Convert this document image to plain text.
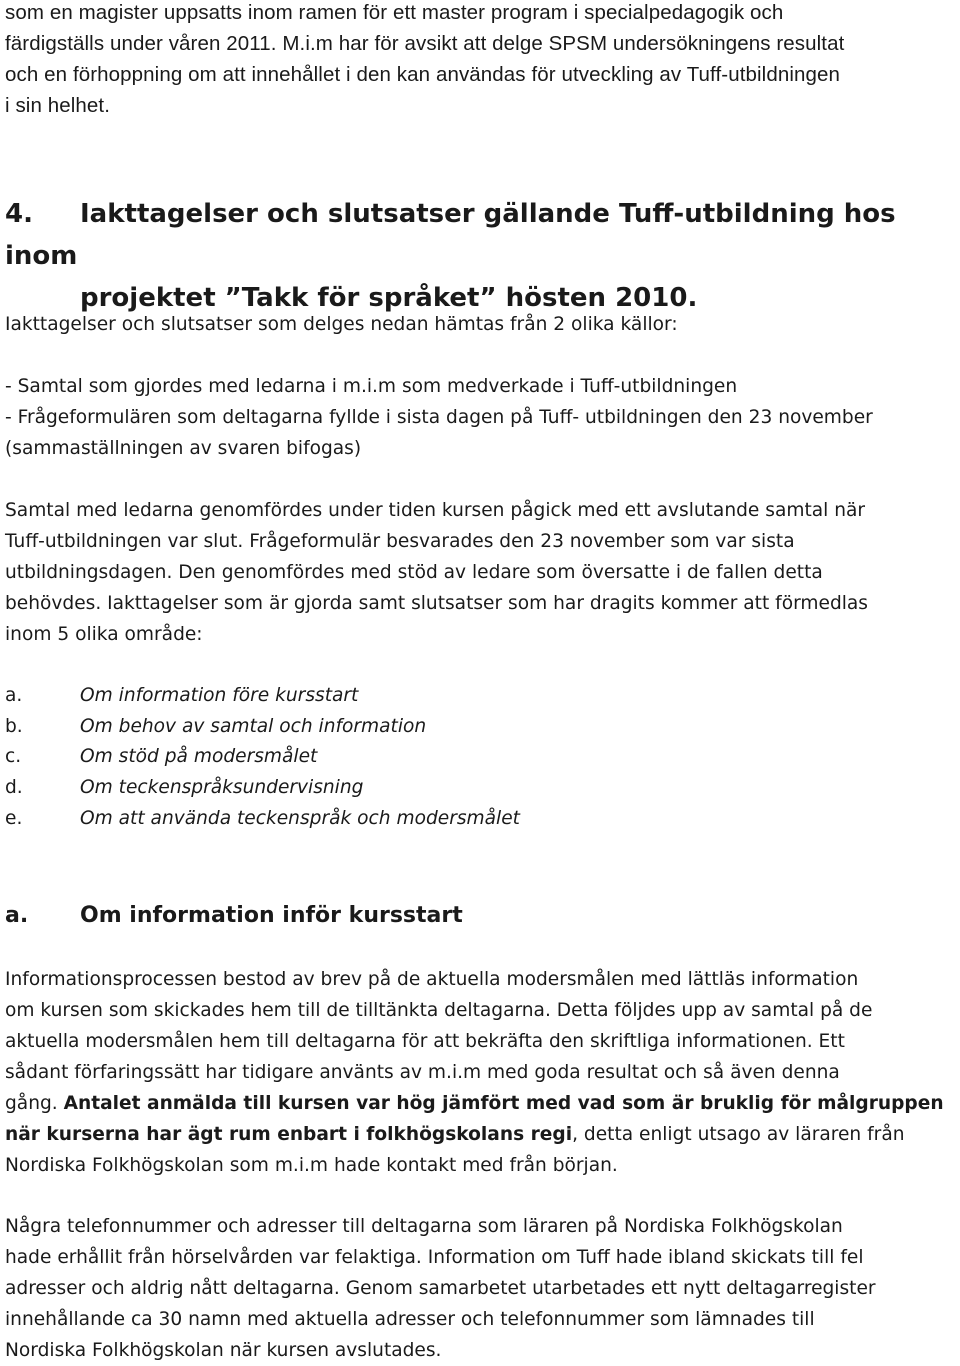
som en magister uppsatts inom ramen för ett master program i specialpedagogik och

färdigställs under våren 2011. M.i.m har för avsikt att delge SPSM undersökningens resultat

och en förhoppning om att innehållet i den kan användas för utveckling av Tuff-utbildningen

i sin helhet.

4. Iakttagelser och slutsatser gällande Tuff-utbildning hos inom
projektet ”Takk för språket” hösten 2010.

Iakttagelser och slutsatser som delges nedan hämtas från 2 olika källor:

- Samtal som gjordes med ledarna i m.i.m som medverkade i Tuff-utbildningen

- Frågeformulären som deltagarna fyllde i sista dagen på Tuff- utbildningen den 23 november

(sammaställningen av svaren bifogas)

Samtal med ledarna genomfördes under tiden kursen pågick med ett avslutande samtal när

Tuff-utbildningen var slut. Frågeformulär besvarades den 23 november som var sista

utbildningsdagen. Den genomfördes med stöd av ledare som översatte i de fallen detta

behövdes. Iakttagelser som är gjorda samt slutsatser som har dragits kommer att förmedlas

inom 5 olika område:

a.	Om information före kursstart
b.	Om behov av samtal och information
c.	Om stöd på modersmålet
d.	Om teckenspråksundervisning
e.	Om att använda teckenspråk och modersmålet
a. Om information inför kursstart

Informationsprocessen bestod av brev på de aktuella modersmålen med lättläs information

om kursen som skickades hem till de tilltänkta deltagarna. Detta följdes upp av samtal på de

aktuella modersmålen hem till deltagarna för att bekräfta den skriftliga informationen. Ett

sådant förfaringssätt har tidigare använts av m.i.m med goda resultat och så även denna

gång. Antalet anmälda till kursen var hög jämfört med vad som är bruklig för målgruppen

när kurserna har ägt rum enbart i folkhögskolans regi, detta enligt utsago av läraren från

Nordiska Folkhögskolan som m.i.m hade kontakt med från början.

Några telefonnummer och adresser till deltagarna som läraren på Nordiska Folkhögskolan

hade erhållit från hörselvården var felaktiga. Information om Tuff hade ibland skickats till fel

adresser och aldrig nått deltagarna. Genom samarbetet utarbetades ett nytt deltagarregister

innehållande ca 30 namn med aktuella adresser och telefonnummer som lämnades till

Nordiska Folkhögskolan när kursen avslutades.
